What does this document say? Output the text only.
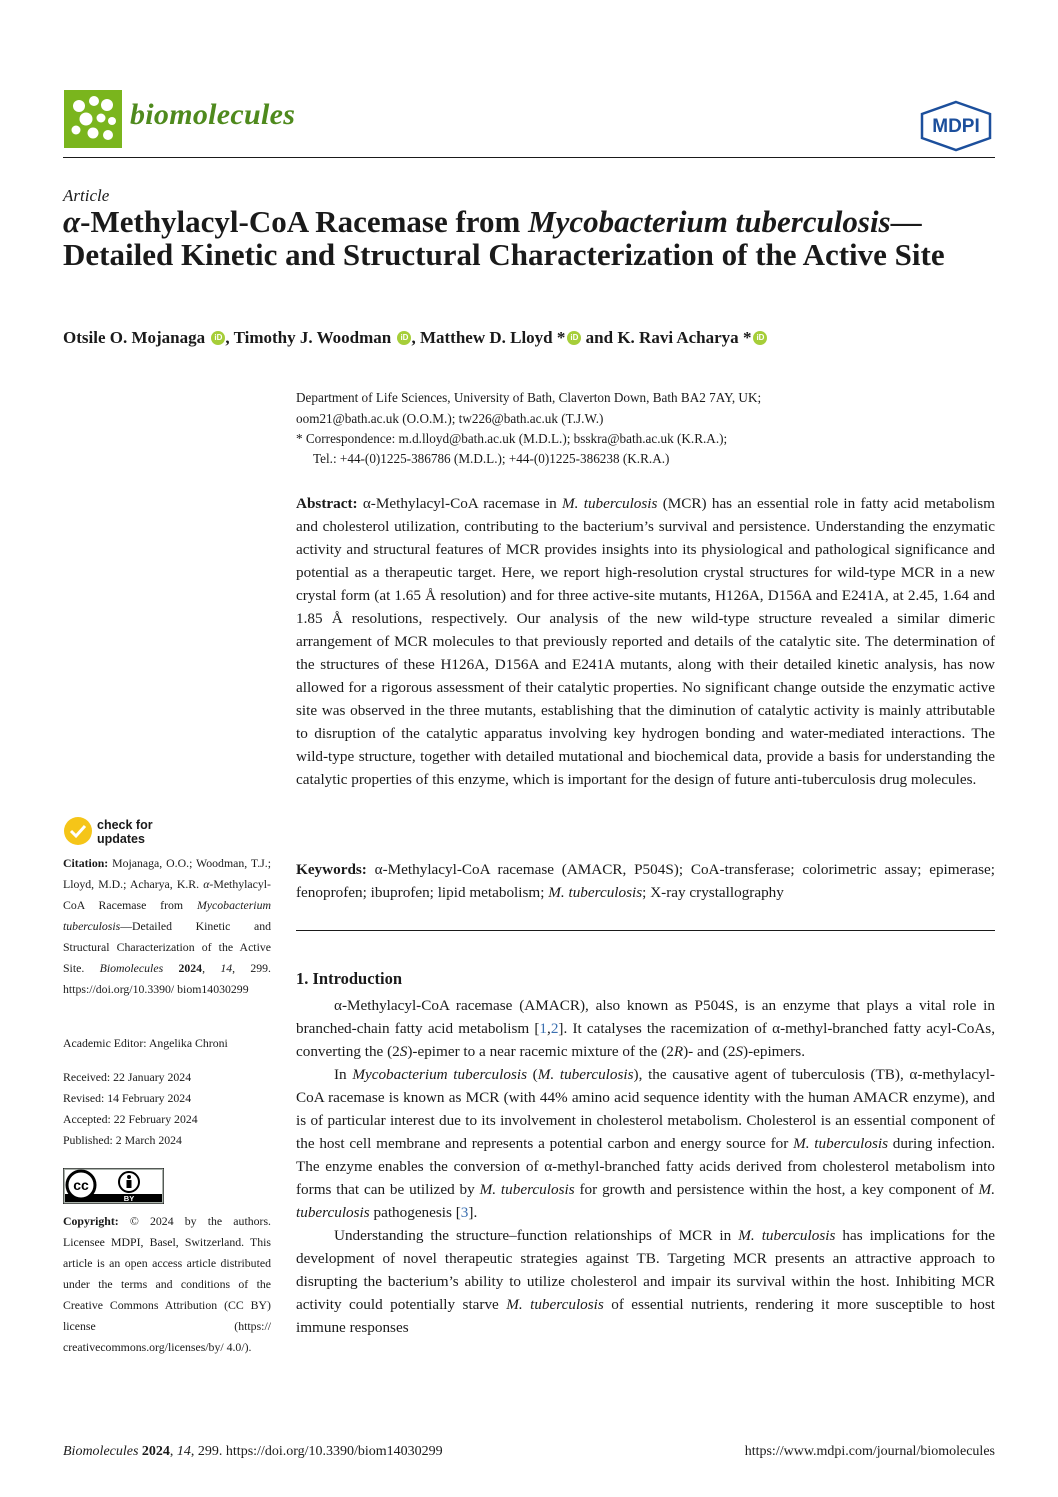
biomolecules	MDPI
Article
α-Methylacyl-CoA Racemase from Mycobacterium tuberculosis—Detailed Kinetic and Structural Characterization of the Active Site
Otsile O. Mojanaga iD , Timothy J. Woodman iD , Matthew D. Lloyd * iD and K. Ravi Acharya * iD
Department of Life Sciences, University of Bath, Claverton Down, Bath BA2 7AY, UK;
oom21@bath.ac.uk (O.O.M.); tw226@bath.ac.uk (T.J.W.)
* Correspondence: m.d.lloyd@bath.ac.uk (M.D.L.); bsskra@bath.ac.uk (K.R.A.);
Tel.: +44-(0)1225-386786 (M.D.L.); +44-(0)1225-386238 (K.R.A.)
Abstract: α-Methylacyl-CoA racemase in M. tuberculosis (MCR) has an essential role in fatty acid metabolism and cholesterol utilization, contributing to the bacterium’s survival and persistence. Understanding the enzymatic activity and structural features of MCR provides insights into its physiological and pathological significance and potential as a therapeutic target. Here, we report high-resolution crystal structures for wild-type MCR in a new crystal form (at 1.65 Å resolution) and for three active-site mutants, H126A, D156A and E241A, at 2.45, 1.64 and 1.85 Å resolutions, respectively. Our analysis of the new wild-type structure revealed a similar dimeric arrangement of MCR molecules to that previously reported and details of the catalytic site. The determination of the structures of these H126A, D156A and E241A mutants, along with their detailed kinetic analysis, has now allowed for a rigorous assessment of their catalytic properties. No significant change outside the enzymatic active site was observed in the three mutants, establishing that the diminution of catalytic activity is mainly attributable to disruption of the catalytic apparatus involving key hydrogen bonding and water-mediated interactions. The wild-type structure, together with detailed mutational and biochemical data, provide a basis for understanding the catalytic properties of this enzyme, which is important for the design of future anti-tuberculosis drug molecules.
Keywords: α-Methylacyl-CoA racemase (AMACR, P504S); CoA-transferase; colorimetric assay; epimerase; fenoprofen; ibuprofen; lipid metabolism; M. tuberculosis; X-ray crystallography
1. Introduction

α-Methylacyl-CoA racemase (AMACR), also known as P504S, is an enzyme that plays a vital role in branched-chain fatty acid metabolism [1,2]. It catalyses the racemization of α-methyl-branched fatty acyl-CoAs, converting the (2S)-epimer to a near racemic mixture of the (2R)- and (2S)-epimers.

In Mycobacterium tuberculosis (M. tuberculosis), the causative agent of tuberculosis (TB), α-methylacyl-CoA racemase is known as MCR (with 44% amino acid sequence identity with the human AMACR enzyme), and is of particular interest due to its involvement in cholesterol metabolism. Cholesterol is an essential component of the host cell membrane and represents a potential carbon and energy source for M. tuberculosis during infection. The enzyme enables the conversion of α-methyl-branched fatty acids derived from cholesterol metabolism into forms that can be utilized by M. tuberculosis for growth and persistence within the host, a key component of M. tuberculosis pathogenesis [3].

Understanding the structure–function relationships of MCR in M. tuberculosis has implications for the development of novel therapeutic strategies against TB. Targeting MCR presents an attractive approach to disrupting the bacterium’s ability to utilize cholesterol and impair its survival within the host. Inhibiting MCR activity could potentially starve M. tuberculosis of essential nutrients, rendering it more susceptible to host immune responses

check for
updates
Citation: Mojanaga, O.O.; Woodman, T.J.; Lloyd, M.D.; Acharya, K.R. α-Methylacyl-CoA Racemase from Mycobacterium tuberculosis—Detailed Kinetic and Structural Characterization of the Active Site. Biomolecules 2024, 14, 299. https://doi.org/10.3390/ biom14030299
Academic Editor: Angelika Chroni
Received: 22 January 2024
Revised: 14 February 2024
Accepted: 22 February 2024
Published: 2 March 2024
cc
BY
Copyright: © 2024 by the authors. Licensee MDPI, Basel, Switzerland. This article is an open access article distributed under the terms and conditions of the Creative Commons Attribution (CC BY) license (https:// creativecommons.org/licenses/by/ 4.0/).
Biomolecules 2024, 14, 299. https://doi.org/10.3390/biom14030299	https://www.mdpi.com/journal/biomolecules
